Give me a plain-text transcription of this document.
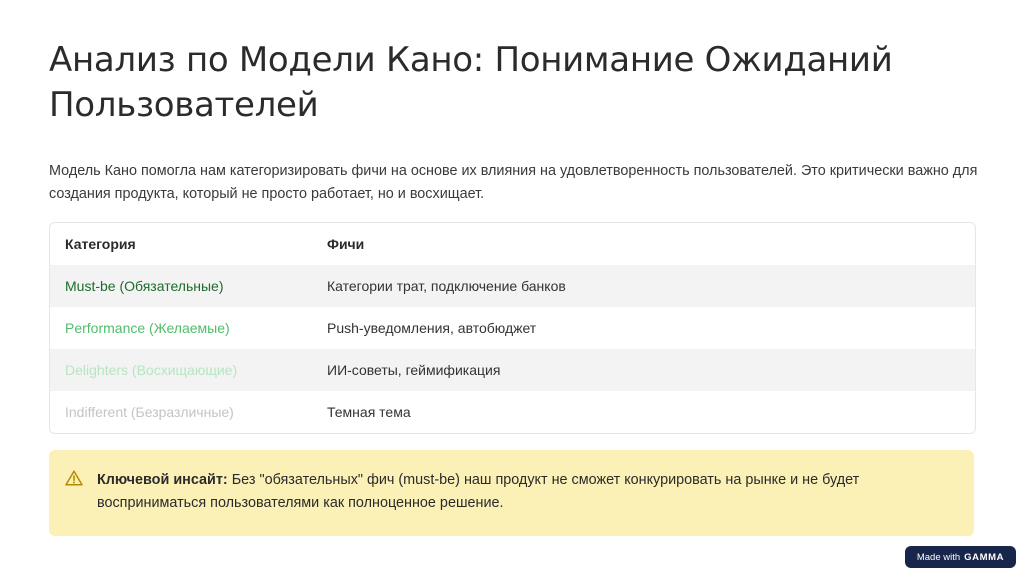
Анализ по Модели Кано: Понимание Ожиданий Пользователей

Модель Кано помогла нам категоризировать фичи на основе их влияния на удовлетворенность пользователей. Это критически важно для создания продукта, который не просто работает, но и восхищает.

Категория	Фичи
Must-be (Обязательные)	Категории трат, подключение банков
Performance (Желаемые)	Push-уведомления, автобюджет
Delighters (Восхищающие)	ИИ-советы, геймификация
Indifferent (Безразличные)	Темная тема

Ключевой инсайт: Без "обязательных" фич (must-be) наш продукт не сможет конкурировать на рынке и не будет восприниматься пользователями как полноценное решение.

Made with GAMMA
